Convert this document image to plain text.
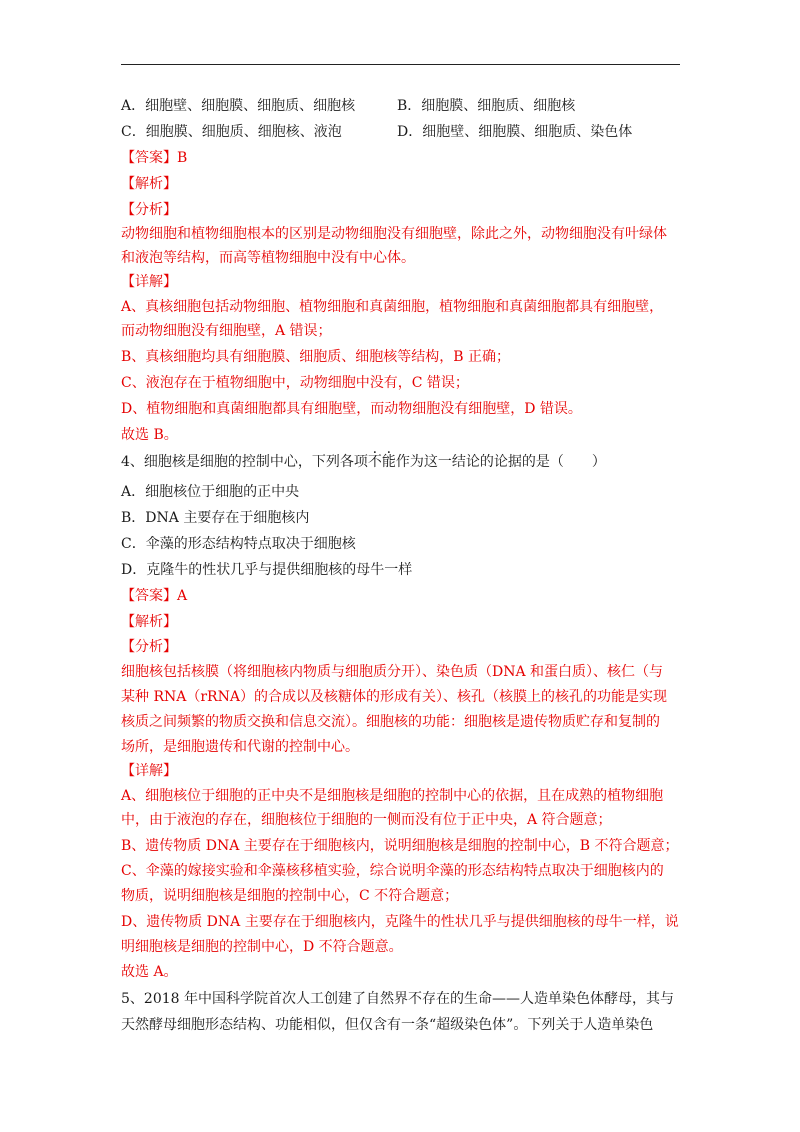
A．细胞壁、细胞膜、细胞质、细胞核	B．细胞膜、细胞质、细胞核
C．细胞膜、细胞质、细胞核、液泡	D．细胞壁、细胞膜、细胞质、染色体
【答案】B
【解析】
【分析】
动物细胞和植物细胞根本的区别是动物细胞没有细胞壁，除此之外，动物细胞没有叶绿体
和液泡等结构，而高等植物细胞中没有中心体。
【详解】
A、真核细胞包括动物细胞、植物细胞和真菌细胞，植物细胞和真菌细胞都具有细胞壁，
而动物细胞没有细胞壁，A 错误；
B、真核细胞均具有细胞膜、细胞质、细胞核等结构，B 正确；
C、液泡存在于植物细胞中，动物细胞中没有，C 错误；
D、植物细胞和真菌细胞都具有细胞壁，而动物细胞没有细胞壁，D 错误。
故选 B。
4、细胞核是细胞的控制中心，下列各项不能作为这一结论的论据的是（　　）
A．细胞核位于细胞的正中央
B．DNA 主要存在于细胞核内
C．伞藻的形态结构特点取决于细胞核
D．克隆牛的性状几乎与提供细胞核的母牛一样
【答案】A
【解析】
【分析】
细胞核包括核膜（将细胞核内物质与细胞质分开）、染色质（DNA 和蛋白质）、核仁（与
某种 RNA（rRNA）的合成以及核糖体的形成有关）、核孔（核膜上的核孔的功能是实现
核质之间频繁的物质交换和信息交流）。细胞核的功能：细胞核是遗传物质贮存和复制的
场所，是细胞遗传和代谢的控制中心。
【详解】
A、细胞核位于细胞的正中央不是细胞核是细胞的控制中心的依据，且在成熟的植物细胞
中，由于液泡的存在，细胞核位于细胞的一侧而没有位于正中央，A 符合题意；
B、遗传物质 DNA 主要存在于细胞核内，说明细胞核是细胞的控制中心，B 不符合题意；
C、伞藻的嫁接实验和伞藻核移植实验，综合说明伞藻的形态结构特点取决于细胞核内的
物质，说明细胞核是细胞的控制中心，C 不符合题意；
D、遗传物质 DNA 主要存在于细胞核内，克隆牛的性状几乎与提供细胞核的母牛一样，说
明细胞核是细胞的控制中心，D 不符合题意。
故选 A。
5、2018 年中国科学院首次人工创建了自然界不存在的生命——人造单染色体酵母，其与
天然酵母细胞形态结构、功能相似，但仅含有一条“超级染色体”。下列关于人造单染色
